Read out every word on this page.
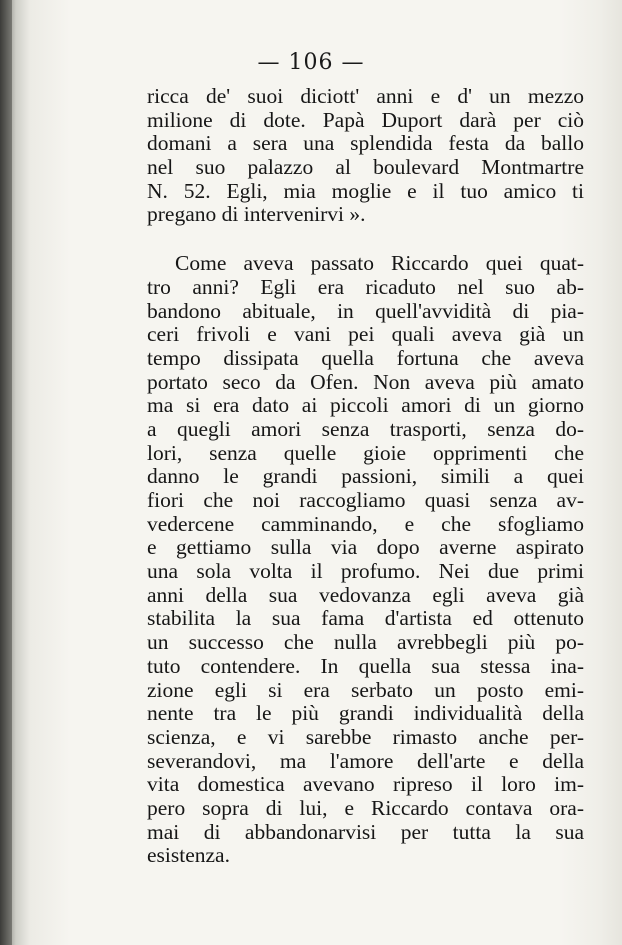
— 106 —
ricca de' suoi diciott' anni e d' un mezzo
milione di dote. Papà Duport darà per ciò
domani a sera una splendida festa da ballo
nel suo palazzo al boulevard Montmartre
N. 52. Egli, mia moglie e il tuo amico ti
pregano di intervenirvi ».
Come aveva passato Riccardo quei quat-
tro anni? Egli era ricaduto nel suo ab-
bandono abituale, in quell'avvidità di pia-
ceri frivoli e vani pei quali aveva già un
tempo dissipata quella fortuna che aveva
portato seco da Ofen. Non aveva più amato
ma si era dato ai piccoli amori di un giorno
a quegli amori senza trasporti, senza do-
lori, senza quelle gioie opprimenti che
danno le grandi passioni, simili a quei
fiori che noi raccogliamo quasi senza av-
vedercene camminando, e che sfogliamo
e gettiamo sulla via dopo averne aspirato
una sola volta il profumo. Nei due primi
anni della sua vedovanza egli aveva già
stabilita la sua fama d'artista ed ottenuto
un successo che nulla avrebbegli più po-
tuto contendere. In quella sua stessa ina-
zione egli si era serbato un posto emi-
nente tra le più grandi individualità della
scienza, e vi sarebbe rimasto anche per-
severandovi, ma l'amore dell'arte e della
vita domestica avevano ripreso il loro im-
pero sopra di lui, e Riccardo contava ora-
mai di abbandonarvisi per tutta la sua
esistenza.
